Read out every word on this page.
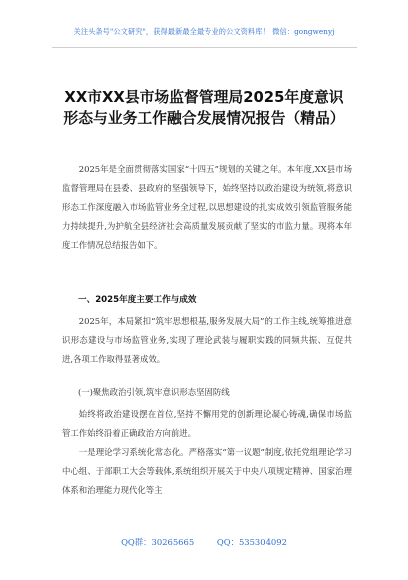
关注头条号"公文研究"，获得最新最全最专业的公文资料库！ 微信：gongwenyj
XX市XX县市场监督管理局2025年度意识
形态与业务工作融合发展情况报告（精品）

2025年是全面贯彻落实国家“十四五”规划的关键之年。本年度,XX县市场监督管理局在县委、县政府的坚强领导下，始终坚持以政治建设为统领,将意识形态工作深度融入市场监管业务全过程,以思想建设的扎实成效引领监管服务能力持续提升,为护航全县经济社会高质量发展贡献了坚实的市监力量。现将本年度工作情况总结报告如下。

一、2025年度主要工作与成效

2025年，本局紧扣“筑牢思想根基,服务发展大局”的工作主线,统筹推进意识形态建设与市场监管业务,实现了理论武装与履职实践的同频共振、互促共进,各项工作取得显著成效。

(一)聚焦政治引领,筑牢意识形态坚固防线

始终将政治建设摆在首位,坚持不懈用党的创新理论凝心铸魂,确保市场监管工作始终沿着正确政治方向前进。

一是理论学习系统化常态化。严格落实“第一议题”制度,依托党组理论学习中心组、于部职工大会等载体,系统组织开展关于中央八项规定精神、国家治理体系和治理能力现代化等主

QQ群：30265665	QQ：535304092
